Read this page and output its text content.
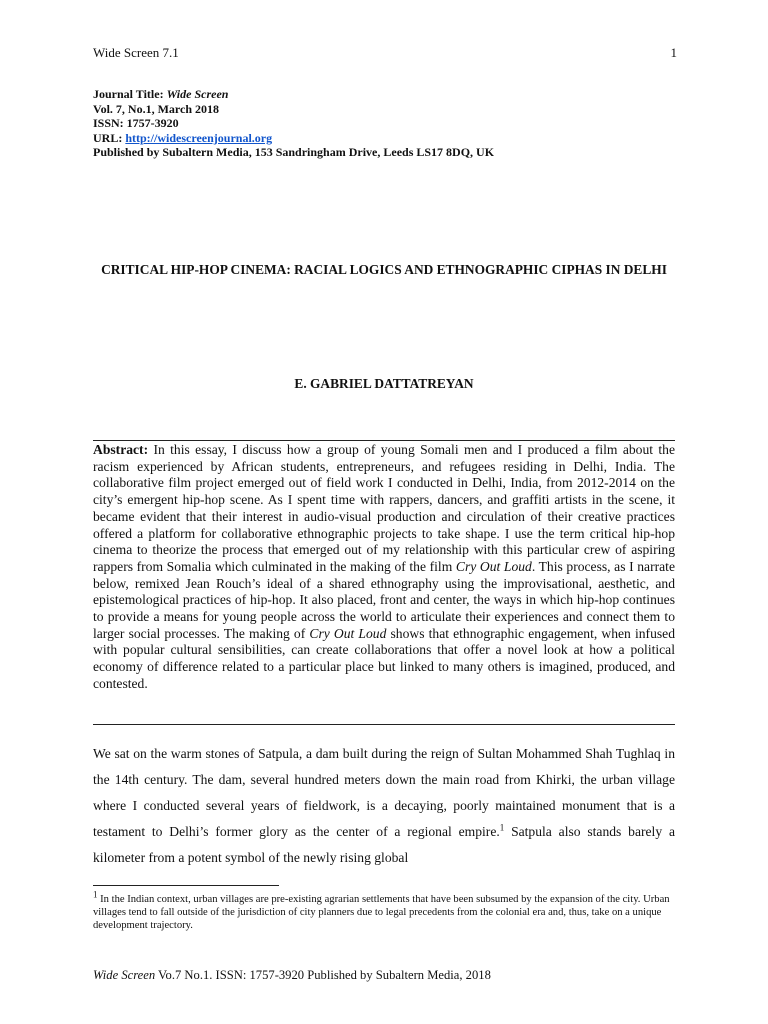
Wide Screen 7.1	1
Journal Title: Wide Screen
Vol. 7, No.1, March 2018
ISSN: 1757-3920
URL: http://widescreenjournal.org
Published by Subaltern Media, 153 Sandringham Drive, Leeds LS17 8DQ, UK
CRITICAL HIP-HOP CINEMA: RACIAL LOGICS AND ETHNOGRAPHIC CIPHAS IN DELHI
E. GABRIEL DATTATREYAN
Abstract: In this essay, I discuss how a group of young Somali men and I produced a film about the racism experienced by African students, entrepreneurs, and refugees residing in Delhi, India. The collaborative film project emerged out of field work I conducted in Delhi, India, from 2012-2014 on the city’s emergent hip-hop scene. As I spent time with rappers, dancers, and graffiti artists in the scene, it became evident that their interest in audio-visual production and circulation of their creative practices offered a platform for collaborative ethnographic projects to take shape. I use the term critical hip-hop cinema to theorize the process that emerged out of my relationship with this particular crew of aspiring rappers from Somalia which culminated in the making of the film Cry Out Loud. This process, as I narrate below, remixed Jean Rouch’s ideal of a shared ethnography using the improvisational, aesthetic, and epistemological practices of hip-hop. It also placed, front and center, the ways in which hip-hop continues to provide a means for young people across the world to articulate their experiences and connect them to larger social processes. The making of Cry Out Loud shows that ethnographic engagement, when infused with popular cultural sensibilities, can create collaborations that offer a novel look at how a political economy of difference related to a particular place but linked to many others is imagined, produced, and contested.
We sat on the warm stones of Satpula, a dam built during the reign of Sultan Mohammed Shah Tughlaq in the 14th century. The dam, several hundred meters down the main road from Khirki, the urban village where I conducted several years of fieldwork, is a decaying, poorly maintained monument that is a testament to Delhi’s former glory as the center of a regional empire.$^1$ Satpula also stands barely a kilometer from a potent symbol of the newly rising global
$^1$ In the Indian context, urban villages are pre-existing agrarian settlements that have been subsumed by the expansion of the city. Urban villages tend to fall outside of the jurisdiction of city planners due to legal precedents from the colonial era and, thus, take on a unique development trajectory.
Wide Screen Vo.7 No.1. ISSN: 1757-3920 Published by Subaltern Media, 2018
